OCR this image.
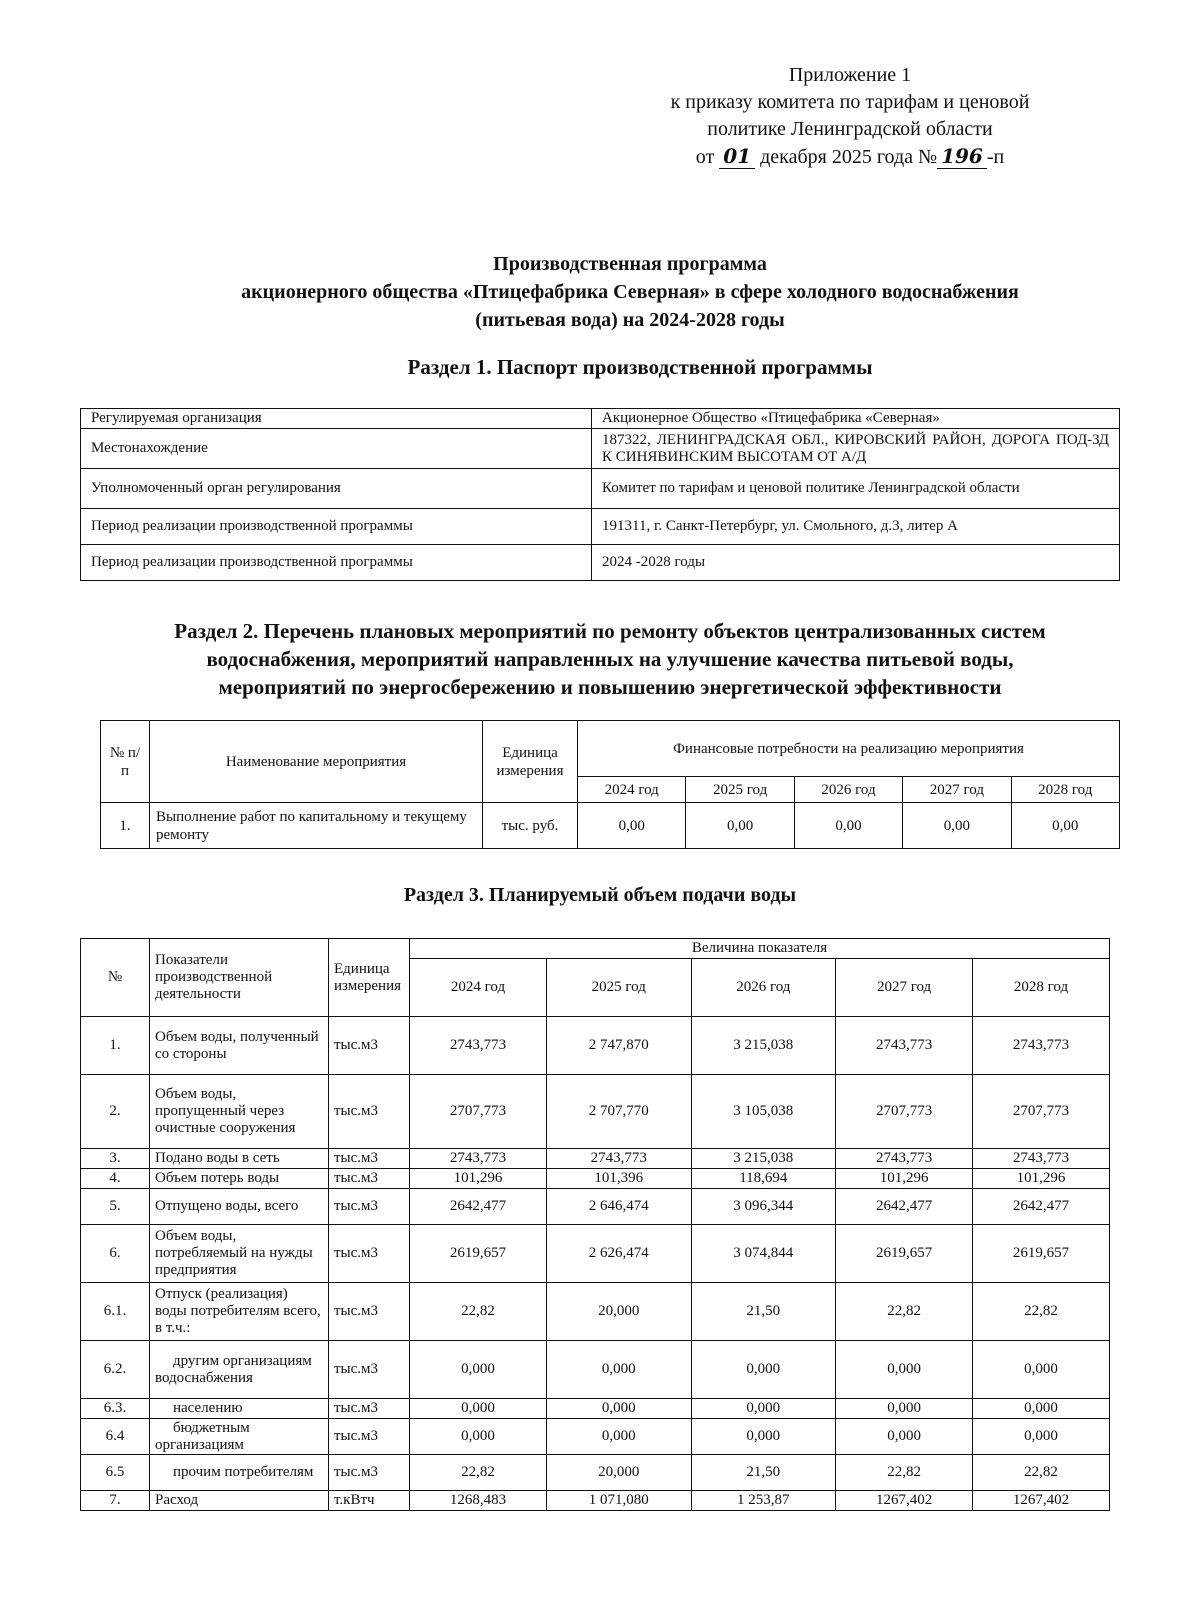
Приложение 1
к приказу комитета по тарифам и ценовой
политике Ленинградской области
от 01 декабря 2025 года № 196 -п
Производственная программа
акционерного общества «Птицефабрика Северная» в сфере холодного водоснабжения
(питьевая вода) на 2024-2028 годы
Раздел 1. Паспорт производственной программы
Регулируемая организация	Акционерное Общество «Птицефабрика «Северная»
Местонахождение	187322, ЛЕНИНГРАДСКАЯ ОБЛ., КИРОВСКИЙ РАЙОН, ДОРОГА ПОД-ЗД К СИНЯВИНСКИМ ВЫСОТАМ ОТ А/Д
Уполномоченный орган регулирования	Комитет по тарифам и ценовой политике Ленинградской области
Период реализации производственной программы	191311, г. Санкт-Петербург, ул. Смольного, д.3, литер А
Период реализации производственной программы	2024 -2028 годы
Раздел 2. Перечень плановых мероприятий по ремонту объектов централизованных систем
водоснабжения, мероприятий направленных на улучшение качества питьевой воды,
мероприятий по энергосбережению и повышению энергетической эффективности
№ п/п	Наименование мероприятия	Единица измерения	Финансовые потребности на реализацию мероприятия				
			2024 год	2025 год	2026 год	2027 год	2028 год
1.	Выполнение работ по капитальному и текущему ремонту	тыс. руб.	0,00	0,00	0,00	0,00	0,00
Раздел 3. Планируемый объем подачи воды
№	Показатели производственной деятельности	Единица измерения	Величина показателя				
			2024 год	2025 год	2026 год	2027 год	2028 год
1.	Объем воды, полученный со стороны	тыс.м3	2743,773	2 747,870	3 215,038	2743,773	2743,773
2.	Объем воды, пропущенный через очистные сооружения	тыс.м3	2707,773	2 707,770	3 105,038	2707,773	2707,773
3.	Подано воды в сеть	тыс.м3	2743,773	2743,773	3 215,038	2743,773	2743,773
4.	Объем потерь воды	тыс.м3	101,296	101,396	118,694	101,296	101,296
5.	Отпущено воды, всего	тыс.м3	2642,477	2 646,474	3 096,344	2642,477	2642,477
6.	Объем воды, потребляемый на нужды предприятия	тыс.м3	2619,657	2 626,474	3 074,844	2619,657	2619,657
6.1.	Отпуск (реализация) воды потребителям всего, в т.ч.:	тыс.м3	22,82	20,000	21,50	22,82	22,82
6.2.	другим организациям водоснабжения	тыс.м3	0,000	0,000	0,000	0,000	0,000
6.3.	населению	тыс.м3	0,000	0,000	0,000	0,000	0,000
6.4	бюджетным организациям	тыс.м3	0,000	0,000	0,000	0,000	0,000
6.5	прочим потребителям	тыс.м3	22,82	20,000	21,50	22,82	22,82
7.	Расход	т.кВтч	1268,483	1 071,080	1 253,87	1267,402	1267,402
